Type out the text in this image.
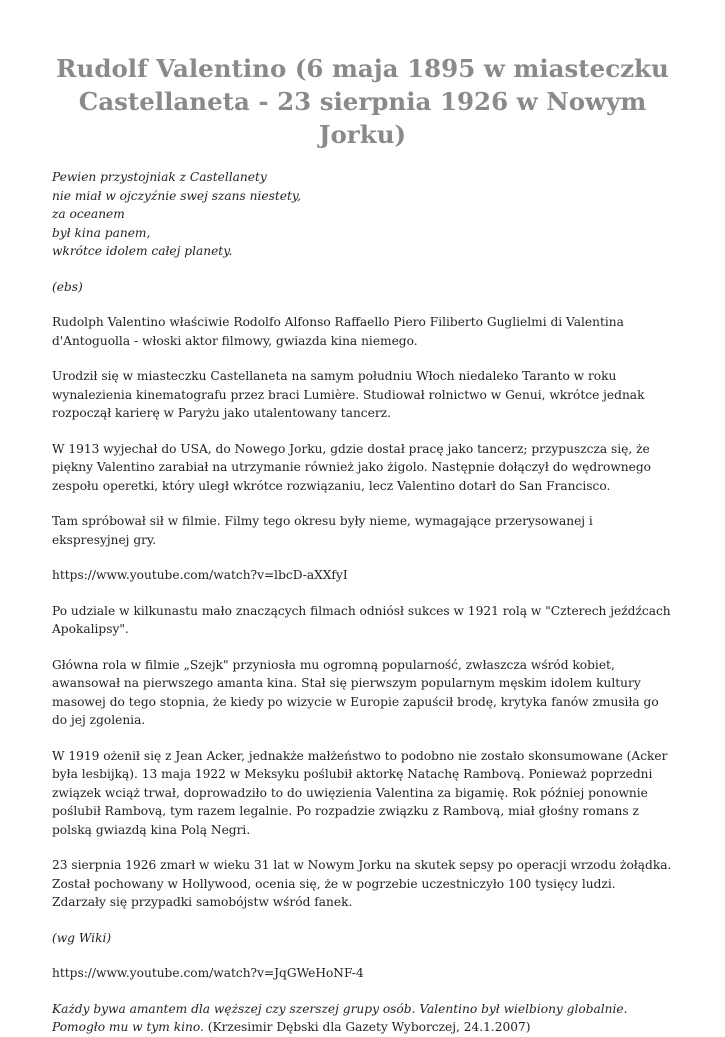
Rudolf Valentino (6 maja 1895 w miasteczku Castellaneta - 23 sierpnia 1926 w Nowym Jorku)
Pewien przystojniak z Castellanety
nie miał w ojczyźnie swej szans niestety,
za oceanem
był kina panem,
wkrótce idolem całej planety.

(ebs)

Rudolph Valentino właściwie Rodolfo Alfonso Raffaello Piero Filiberto Guglielmi di Valentina d'Antoguolla - włoski aktor filmowy, gwiazda kina niemego.

Urodził się w miasteczku Castellaneta na samym południu Włoch niedaleko Taranto w roku wynalezienia kinematografu przez braci Lumière. Studiował rolnictwo w Genui, wkrótce jednak rozpoczął karierę w Paryżu jako utalentowany tancerz.

W 1913 wyjechał do USA, do Nowego Jorku, gdzie dostał pracę jako tancerz; przypuszcza się, że piękny Valentino zarabiał na utrzymanie również jako żigolo. Następnie dołączył do wędrownego zespołu operetki, który uległ wkrótce rozwiązaniu, lecz Valentino dotarł do San Francisco.

Tam spróbował sił w filmie. Filmy tego okresu były nieme, wymagające przerysowanej i ekspresyjnej gry.

https://www.youtube.com/watch?v=lbcD-aXXfyI

Po udziale w kilkunastu mało znaczących filmach odniósł sukces w 1921 rolą w "Czterech jeźdźcach Apokalipsy".

Główna rola w filmie „Szejk" przyniosła mu ogromną popularność, zwłaszcza wśród kobiet, awansował na pierwszego amanta kina. Stał się pierwszym popularnym męskim idolem kultury masowej do tego stopnia, że kiedy po wizycie w Europie zapuścił brodę, krytyka fanów zmusiła go do jej zgolenia.

W 1919 ożenił się z Jean Acker, jednakże małżeństwo to podobno nie zostało skonsumowane (Acker była lesbijką). 13 maja 1922 w Meksyku poślubił aktorkę Natachę Rambovą. Ponieważ poprzedni związek wciąż trwał, doprowadziło to do uwięzienia Valentina za bigamię. Rok później ponownie poślubił Rambovą, tym razem legalnie. Po rozpadzie związku z Rambovą, miał głośny romans z polską gwiazdą kina Polą Negri.

23 sierpnia 1926 zmarł w wieku 31 lat w Nowym Jorku na skutek sepsy po operacji wrzodu żołądka. Został pochowany w Hollywood, ocenia się, że w pogrzebie uczestniczyło 100 tysięcy ludzi. Zdarzały się przypadki samobójstw wśród fanek.

(wg Wiki)

https://www.youtube.com/watch?v=JqGWeHoNF-4

Każdy bywa amantem dla węższej czy szerszej grupy osób. Valentino był wielbiony globalnie. Pomogło mu w tym kino. (Krzesimir Dębski dla Gazety Wyborczej, 24.1.2007)
